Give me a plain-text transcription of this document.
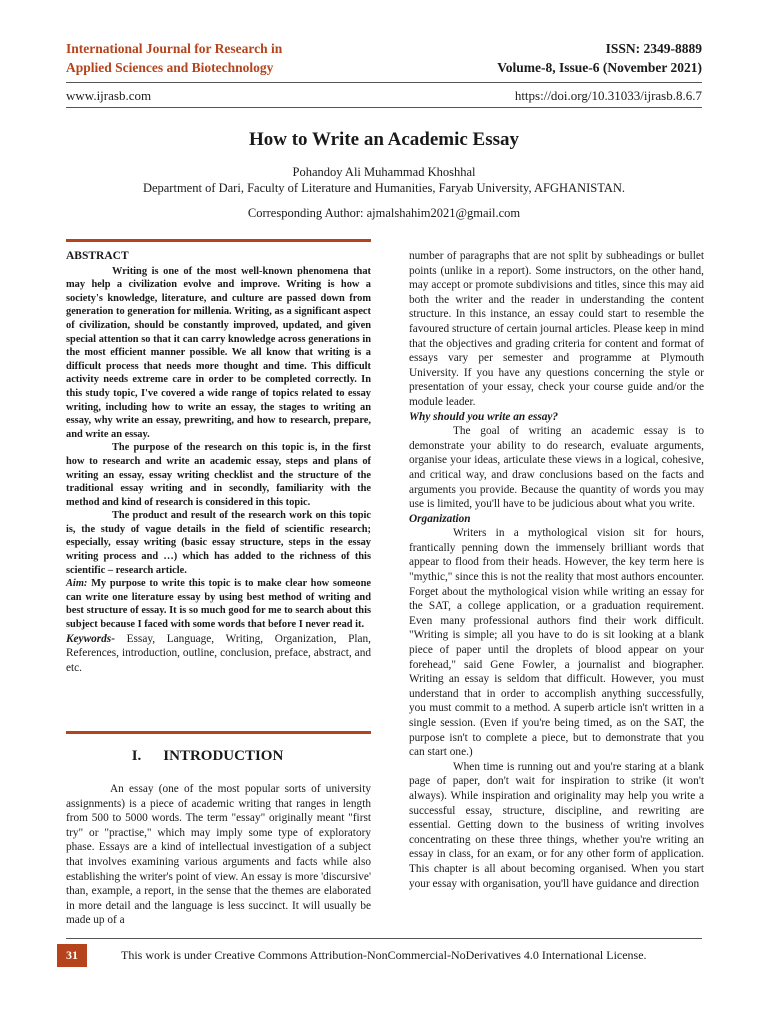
International Journal for Research in
Applied Sciences and Biotechnology
ISSN: 2349-8889
Volume-8, Issue-6 (November 2021)
www.ijrasb.com	https://doi.org/10.31033/ijrasb.8.6.7
How to Write an Academic Essay
Pohandoy Ali Muhammad Khoshhal
Department of Dari, Faculty of Literature and Humanities, Faryab University, AFGHANISTAN.
Corresponding Author: ajmalshahim2021@gmail.com
ABSTRACT

Writing is one of the most well-known phenomena that may help a civilization evolve and improve. Writing is how a society's knowledge, literature, and culture are passed down from generation to generation for millenia. Writing, as a significant aspect of civilization, should be constantly improved, updated, and given special attention so that it can carry knowledge across generations in the most efficient manner possible. We all know that writing is a difficult process that needs more thought and time. This difficult activity needs extreme care in order to be completed correctly. In this study topic, I've covered a wide range of topics related to essay writing, including how to write an essay, the stages to writing an essay, why write an essay, prewriting, and how to research, prepare, and write an essay.

The purpose of the research on this topic is, in the first how to research and write an academic essay, steps and plans of writing an essay, essay writing checklist and the structure of the traditional essay writing and in secondly, familiarity with the method and kind of research is considered in this topic.

The product and result of the research work on this topic is, the study of vague details in the field of scientific research; especially, essay writing (basic essay structure, steps in the essay writing process and …) which has added to the richness of this scientific – research article.

Aim: My purpose to write this topic is to make clear how someone can write one literature essay by using best method of writing and best structure of essay. It is so much good for me to search about this subject because I faced with some words that before I never read it.

Keywords- Essay, Language, Writing, Organization, Plan, References, introduction, outline, conclusion, preface, abstract, and etc.

I. INTRODUCTION

An essay (one of the most popular sorts of university assignments) is a piece of academic writing that ranges in length from 500 to 5000 words. The term "essay" originally meant "first try" or "practise," which may imply some type of exploratory phase. Essays are a kind of intellectual investigation of a subject that involves examining various arguments and facts while also establishing the writer's point of view. An essay is more 'discursive' than, example, a report, in the sense that the themes are elaborated in more detail and the language is less succinct. It will usually be made up of a

number of paragraphs that are not split by subheadings or bullet points (unlike in a report). Some instructors, on the other hand, may accept or promote subdivisions and titles, since this may aid both the writer and the reader in understanding the content structure. In this instance, an essay could start to resemble the favoured structure of certain journal articles. Please keep in mind that the objectives and grading criteria for content and format of essays vary per semester and programme at Plymouth University. If you have any questions concerning the style or presentation of your essay, check your course guide and/or the module leader.

Why should you write an essay?

The goal of writing an academic essay is to demonstrate your ability to do research, evaluate arguments, organise your ideas, articulate these views in a logical, cohesive, and critical way, and draw conclusions based on the facts and arguments you provide. Because the quantity of words you may use is limited, you'll have to be judicious about what you write.

Organization

Writers in a mythological vision sit for hours, frantically penning down the immensely brilliant words that appear to flood from their heads. However, the key term here is "mythic," since this is not the reality that most authors encounter. Forget about the mythological vision while writing an essay for the SAT, a college application, or a graduation requirement. Even many professional authors find their work difficult. "Writing is simple; all you have to do is sit looking at a blank piece of paper until the droplets of blood appear on your forehead," said Gene Fowler, a journalist and biographer. Writing an essay is seldom that difficult. However, you must understand that in order to accomplish anything successfully, you must commit to a method. A superb article isn't written in a single session. (Even if you're being timed, as on the SAT, the purpose isn't to complete a piece, but to demonstrate that you can start one.)

When time is running out and you're staring at a blank page of paper, don't wait for inspiration to strike (it won't always). While inspiration and originality may help you write a successful essay, structure, discipline, and rewriting are essential. Getting down to the business of writing involves concentrating on these three things, whether you're writing an essay in class, for an exam, or for any other form of application. This chapter is all about becoming organised. When you start your essay with organisation, you'll have guidance and direction

31	This work is under Creative Commons Attribution-NonCommercial-NoDerivatives 4.0 International License.
